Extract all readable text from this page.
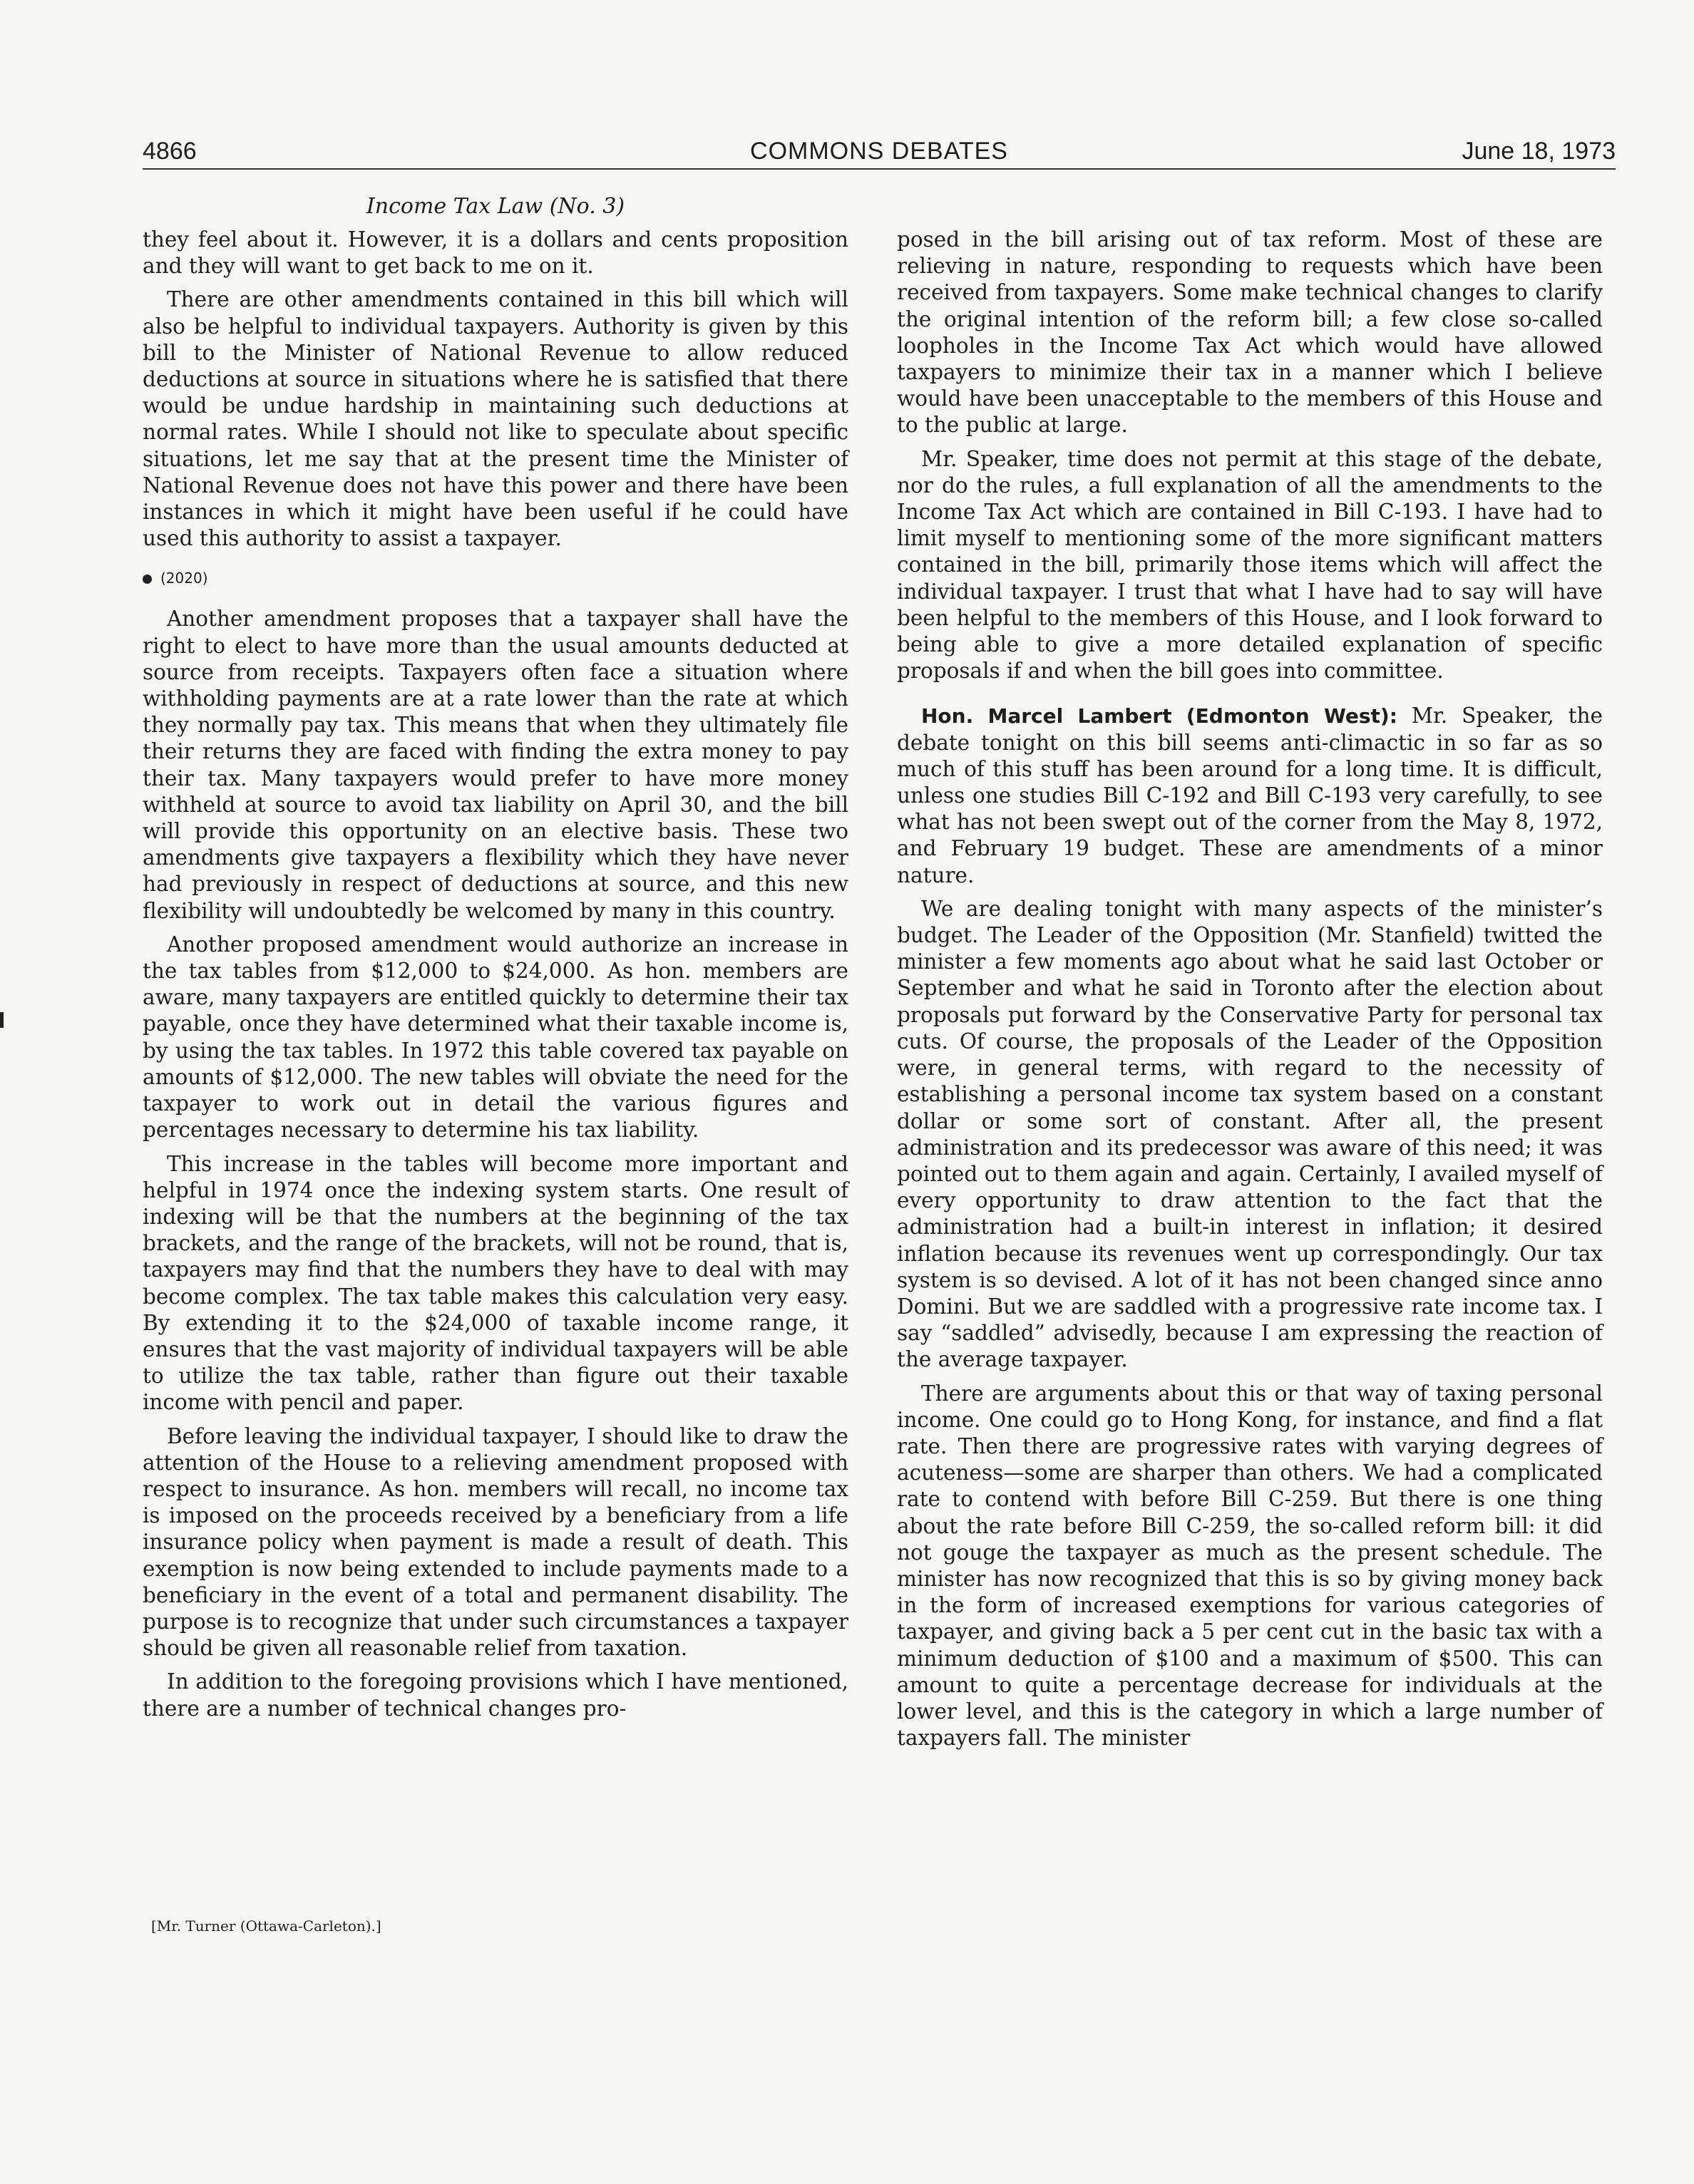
4866	COMMONS DEBATES	June 18, 1973
Income Tax Law (No. 3)

they feel about it. However, it is a dollars and cents proposition and they will want to get back to me on it.

There are other amendments contained in this bill which will also be helpful to individual taxpayers. Authority is given by this bill to the Minister of National Revenue to allow reduced deductions at source in situations where he is satisfied that there would be undue hardship in maintaining such deductions at normal rates. While I should not like to speculate about specific situations, let me say that at the present time the Minister of National Revenue does not have this power and there have been instances in which it might have been useful if he could have used this authority to assist a taxpayer.

(2020)

Another amendment proposes that a taxpayer shall have the right to elect to have more than the usual amounts deducted at source from receipts. Taxpayers often face a situation where withholding payments are at a rate lower than the rate at which they normally pay tax. This means that when they ultimately file their returns they are faced with finding the extra money to pay their tax. Many taxpayers would prefer to have more money withheld at source to avoid tax liability on April 30, and the bill will provide this opportunity on an elective basis. These two amendments give taxpayers a flexibility which they have never had previously in respect of deductions at source, and this new flexibility will undoubtedly be welcomed by many in this country.

Another proposed amendment would authorize an increase in the tax tables from $12,000 to $24,000. As hon. members are aware, many taxpayers are entitled quickly to determine their tax payable, once they have determined what their taxable income is, by using the tax tables. In 1972 this table covered tax payable on amounts of $12,000. The new tables will obviate the need for the taxpayer to work out in detail the various figures and percentages necessary to determine his tax liability.

This increase in the tables will become more important and helpful in 1974 once the indexing system starts. One result of indexing will be that the numbers at the beginning of the tax brackets, and the range of the brackets, will not be round, that is, taxpayers may find that the numbers they have to deal with may become complex. The tax table makes this calculation very easy. By extending it to the $24,000 of taxable income range, it ensures that the vast majority of individual taxpayers will be able to utilize the tax table, rather than figure out their taxable income with pencil and paper.

Before leaving the individual taxpayer, I should like to draw the attention of the House to a relieving amendment proposed with respect to insurance. As hon. members will recall, no income tax is imposed on the proceeds received by a beneficiary from a life insurance policy when payment is made a result of death. This exemption is now being extended to include payments made to a beneficiary in the event of a total and permanent disability. The purpose is to recognize that under such circumstances a taxpayer should be given all reasonable relief from taxation.

In addition to the foregoing provisions which I have mentioned, there are a number of technical changes pro-

[Mr. Turner (Ottawa-Carleton).]

posed in the bill arising out of tax reform. Most of these are relieving in nature, responding to requests which have been received from taxpayers. Some make technical changes to clarify the original intention of the reform bill; a few close so-called loopholes in the Income Tax Act which would have allowed taxpayers to minimize their tax in a manner which I believe would have been unacceptable to the members of this House and to the public at large.

Mr. Speaker, time does not permit at this stage of the debate, nor do the rules, a full explanation of all the amendments to the Income Tax Act which are contained in Bill C-193. I have had to limit myself to mentioning some of the more significant matters contained in the bill, primarily those items which will affect the individual taxpayer. I trust that what I have had to say will have been helpful to the members of this House, and I look forward to being able to give a more detailed explanation of specific proposals if and when the bill goes into committee.

Hon. Marcel Lambert (Edmonton West): Mr. Speaker, the debate tonight on this bill seems anti-climactic in so far as so much of this stuff has been around for a long time. It is difficult, unless one studies Bill C-192 and Bill C-193 very carefully, to see what has not been swept out of the corner from the May 8, 1972, and February 19 budget. These are amendments of a minor nature.

We are dealing tonight with many aspects of the minister’s budget. The Leader of the Opposition (Mr. Stanfield) twitted the minister a few moments ago about what he said last October or September and what he said in Toronto after the election about proposals put forward by the Conservative Party for personal tax cuts. Of course, the proposals of the Leader of the Opposition were, in general terms, with regard to the necessity of establishing a personal income tax system based on a constant dollar or some sort of constant. After all, the present administration and its predecessor was aware of this need; it was pointed out to them again and again. Certainly, I availed myself of every opportunity to draw attention to the fact that the administration had a built-in interest in inflation; it desired inflation because its revenues went up correspondingly. Our tax system is so devised. A lot of it has not been changed since anno Domini. But we are saddled with a progressive rate income tax. I say “saddled” advisedly, because I am expressing the reaction of the average taxpayer.

There are arguments about this or that way of taxing personal income. One could go to Hong Kong, for instance, and find a flat rate. Then there are progressive rates with varying degrees of acuteness—some are sharper than others. We had a complicated rate to contend with before Bill C-259. But there is one thing about the rate before Bill C-259, the so-called reform bill: it did not gouge the taxpayer as much as the present schedule. The minister has now recognized that this is so by giving money back in the form of increased exemptions for various categories of taxpayer, and giving back a 5 per cent cut in the basic tax with a minimum deduction of $100 and a maximum of $500. This can amount to quite a percentage decrease for individuals at the lower level, and this is the category in which a large number of taxpayers fall. The minister
